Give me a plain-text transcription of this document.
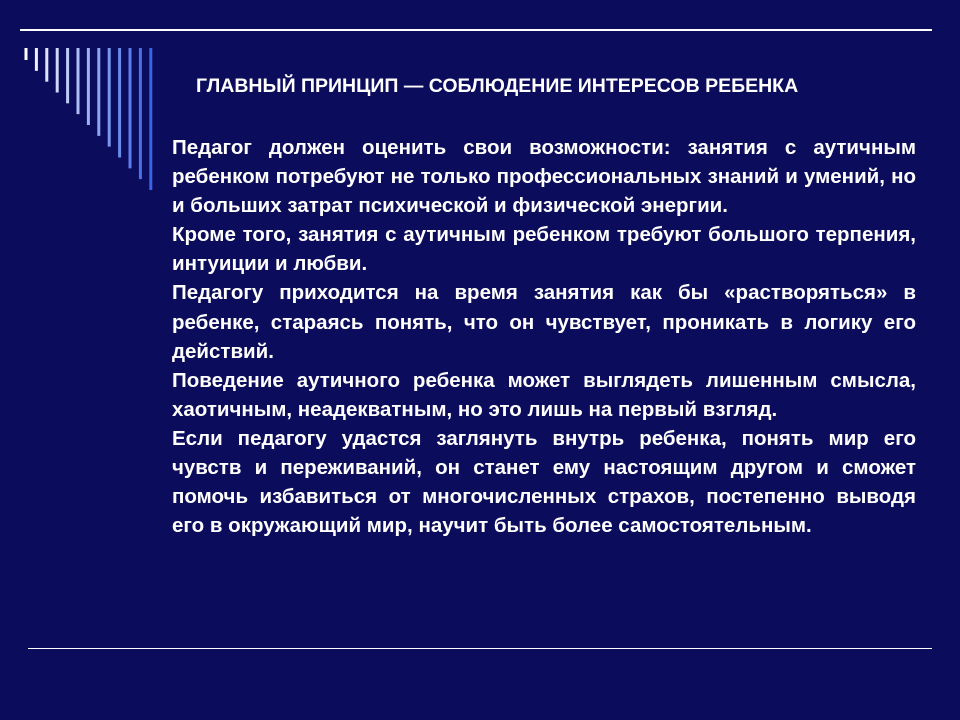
ГЛАВНЫЙ ПРИНЦИП — СОБЛЮДЕНИЕ ИНТЕРЕСОВ РЕБЕНКА

Педагог должен оценить свои возможности: занятия с аутичным ребенком потребуют не только профессиональных знаний и умений, но и больших затрат психической и физической энергии.

Кроме того, занятия с аутичным ребенком требуют большого терпения, интуиции и любви.

Педагогу приходится на время занятия как бы «растворяться» в ребенке, стараясь понять, что он чувствует, проникать в логику его действий.

Поведение аутичного ребенка может выглядеть лишенным смысла, хаотичным, неадекватным, но это лишь на первый взгляд.

Если педагогу удастся заглянуть внутрь ребенка, понять мир его чувств и переживаний, он станет ему настоящим другом и сможет помочь избавиться от многочисленных страхов, постепенно выводя его в окружающий мир, научит быть более самостоятельным.
